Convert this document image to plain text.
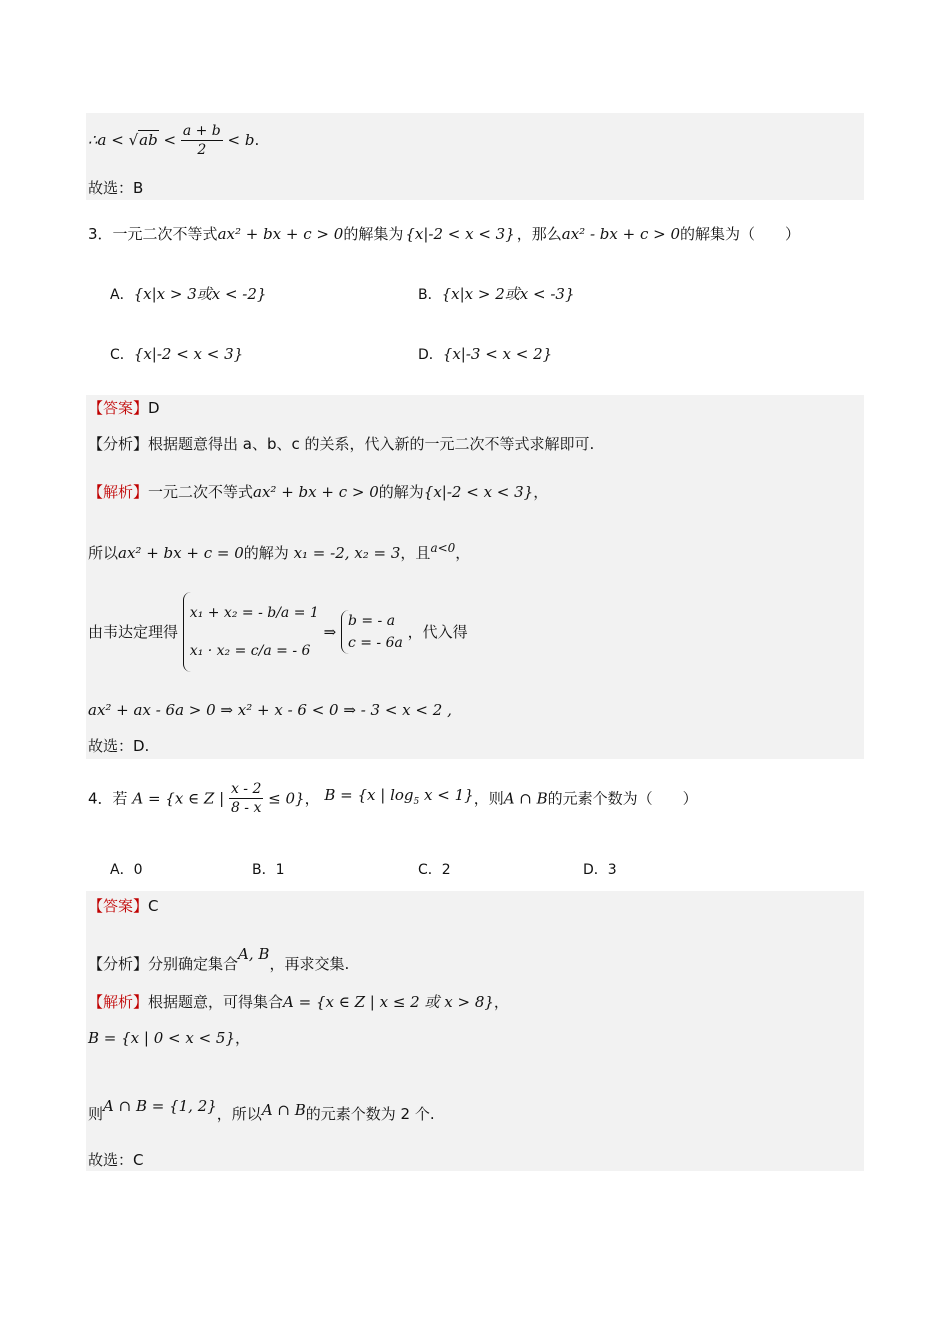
∴a < $√ab < \frac{a + b}{2} < b$.
故选：B
3．一元二次不等式ax² + bx + c > 0的解集为 {x|-2 < x < 3} ，那么ax² - bx + c > 0的解集为（　　）
A．{x|x > 3或x < -2}	B．{x|x > 2或x < -3}
C．{x|-2 < x < 3}	D．{x|-3 < x < 2}
【答案】D
【分析】根据题意得出 a、b、c 的关系，代入新的一元二次不等式求解即可.
【解析】一元二次不等式ax² + bx + c > 0的解为{x|-2 < x < 3}，
所以ax² + bx + c = 0的解为 x₁ = -2, x₂ = 3，且$^{a<0}$，
由韦达定理得
x₁ + x₂ = - b/a = 1
x₁ · x₂ = c/a = - 6
⇒
b = - a
c = - 6a
，代入得
ax² + ax - 6a > 0 ⇒ x² + x - 6 < 0 ⇒ - 3 < x < 2 ,
故选：D.
4．若 A = {x ∈ Z | $\frac{x - 2}{8 - x} \le 0$}， B = {x | $\log_5 x < 1$}，则A ∩ B的元素个数为（　　）
A．0	B．1	C．2	D．3
【答案】C
【分析】分别确定集合A, B，再求交集.
【解析】根据题意，可得集合A = {x ∈ Z | x ≤ 2 或 x > 8}，
B = {x | 0 < x < 5}，
则A ∩ B = {1, 2}，所以A ∩ B的元素个数为 2 个.
故选：C
